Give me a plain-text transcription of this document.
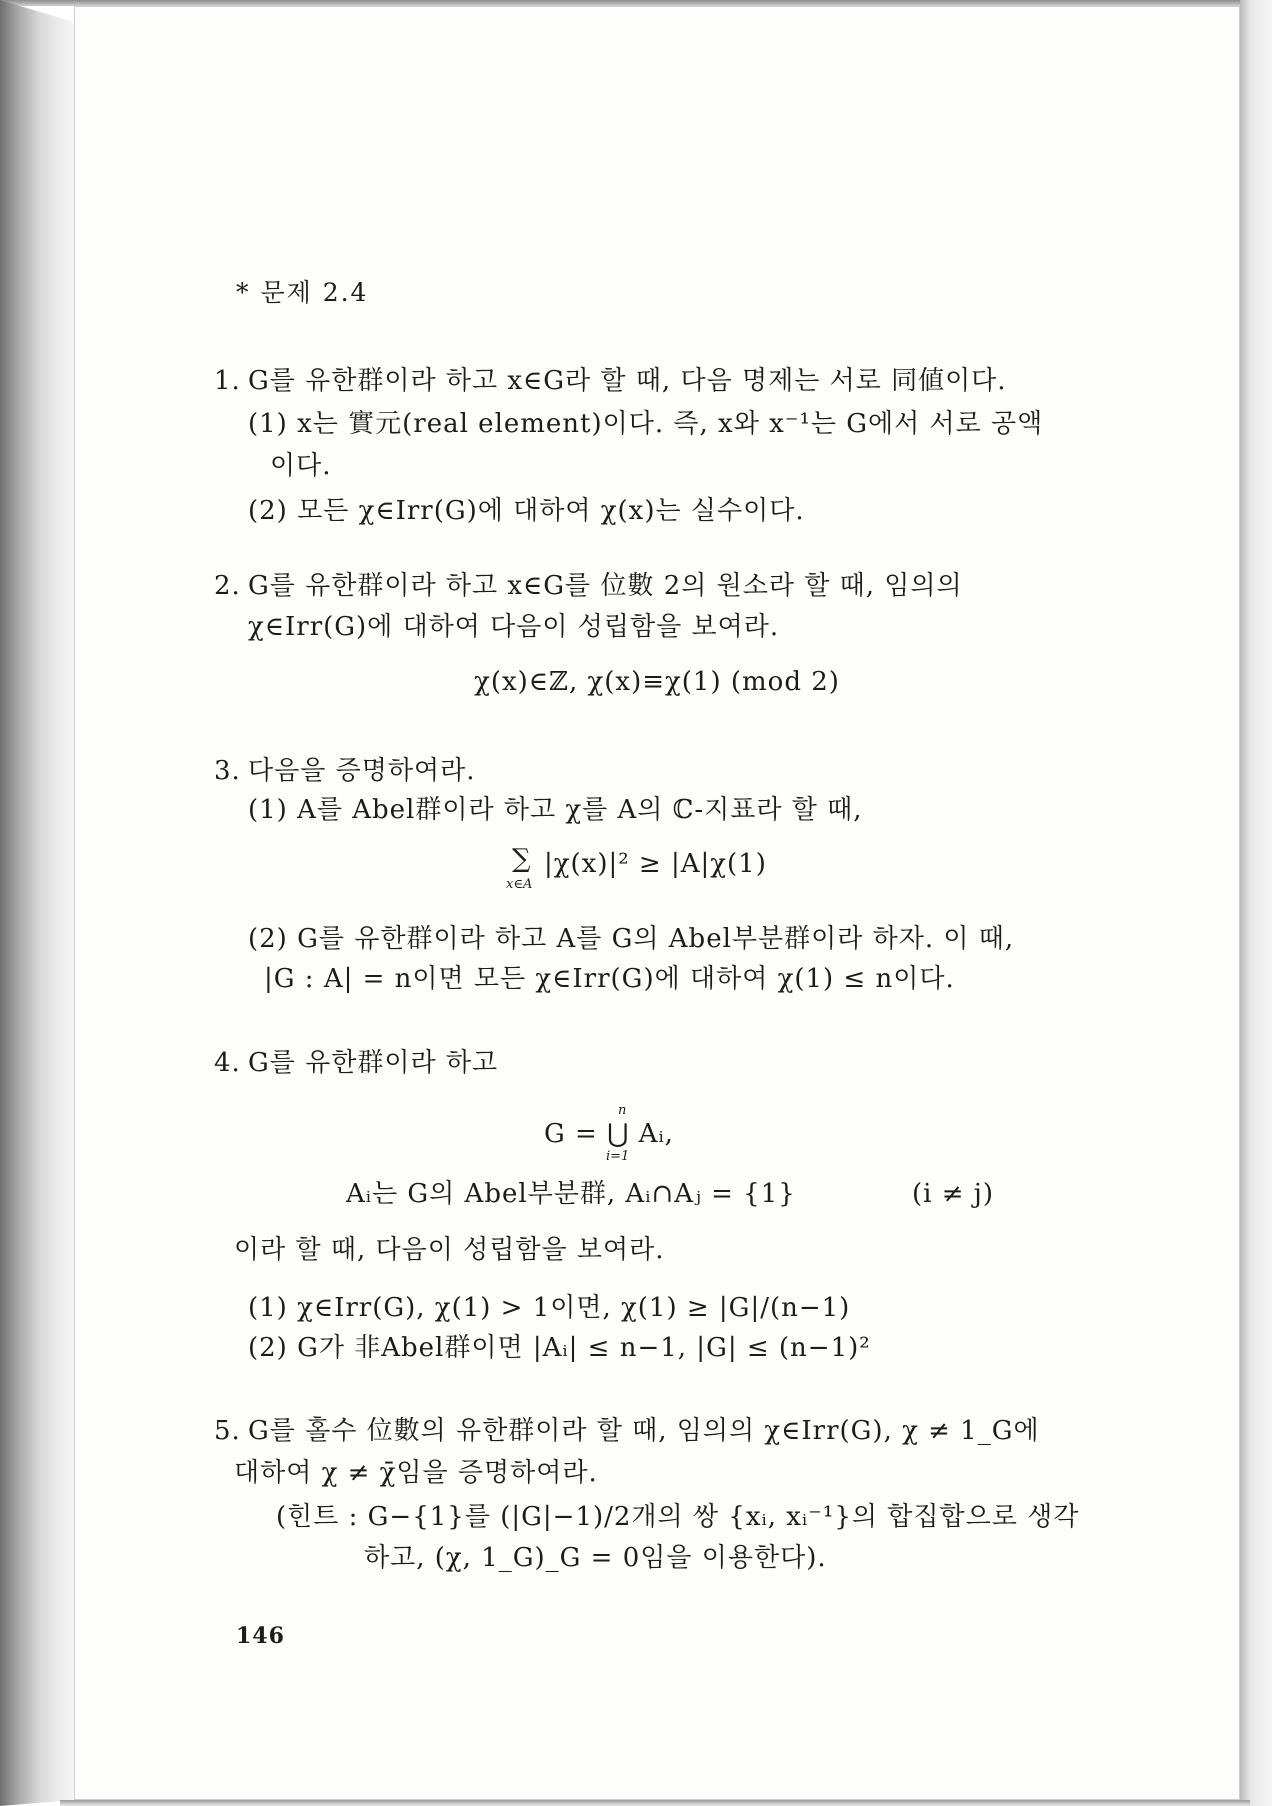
* 문제 2.4
1. G를 유한群이라 하고 x∈G라 할 때, 다음 명제는 서로 同値이다.
(1) x는 實元(real element)이다. 즉, x와 x⁻¹는 G에서 서로 공액
이다.
(2) 모든 χ∈Irr(G)에 대하여 χ(x)는 실수이다.
2. G를 유한群이라 하고 x∈G를 位數 2의 원소라 할 때, 임의의
χ∈Irr(G)에 대하여 다음이 성립함을 보여라.
χ(x)∈ℤ, χ(x)≡χ(1) (mod 2)
3. 다음을 증명하여라.
(1) A를 Abel群이라 하고 χ를 A의 ℂ-지표라 할 때,
∑
x∈A
|χ(x)|² ≥ |A|χ(1)
(2) G를 유한群이라 하고 A를 G의 Abel부분群이라 하자. 이 때,
|G : A| = n이면 모든 χ∈Irr(G)에 대하여 χ(1) ≤ n이다.
4. G를 유한群이라 하고
n
G = ⋃ Aᵢ,
i=1
Aᵢ는 G의 Abel부분群, Aᵢ∩Aⱼ = {1}	(i ≠ j)
이라 할 때, 다음이 성립함을 보여라.
(1) χ∈Irr(G), χ(1) > 1이면, χ(1) ≥ |G|/(n−1)
(2) G가 非Abel群이면 |Aᵢ| ≤ n−1, |G| ≤ (n−1)²
5. G를 홀수 位數의 유한群이라 할 때, 임의의 χ∈Irr(G), χ ≠ 1_G에
대하여 χ ≠ χ̄임을 증명하여라.
(힌트 : G−{1}를 (|G|−1)/2개의 쌍 {xᵢ, xᵢ⁻¹}의 합집합으로 생각
하고, (χ, 1_G)_G = 0임을 이용한다).
146
